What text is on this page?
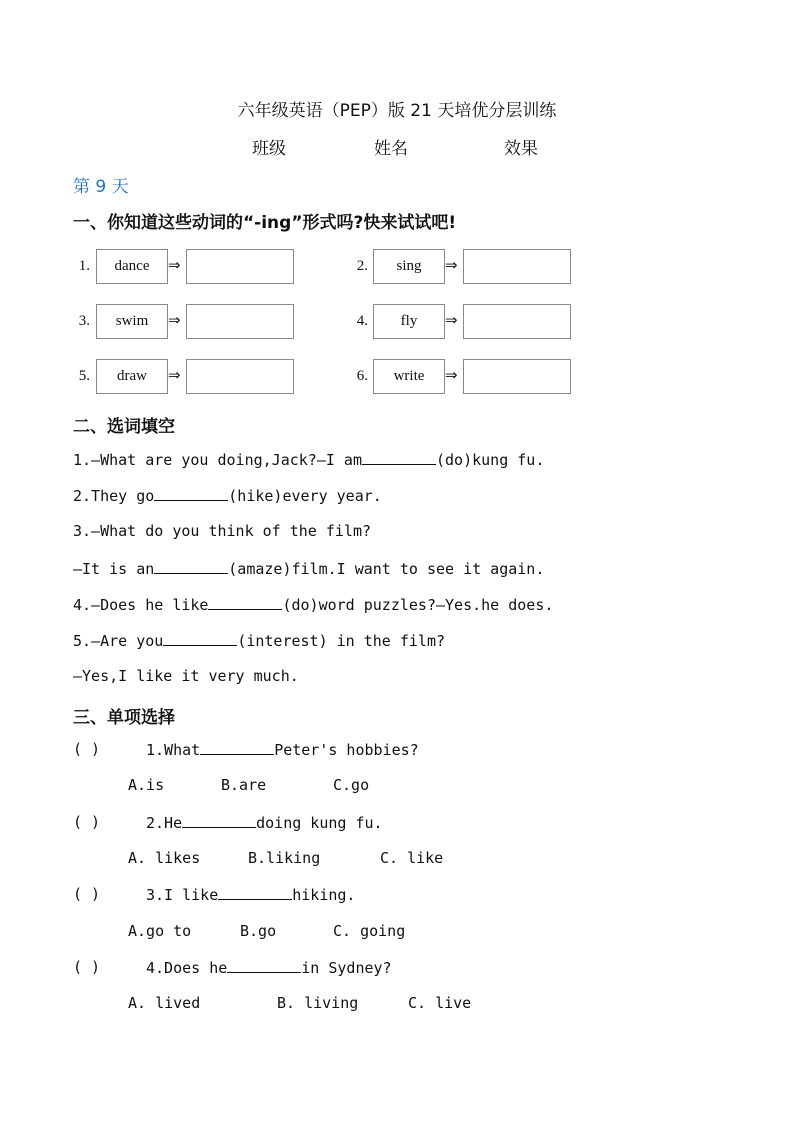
六年级英语（PEP）版 21 天培优分层训练
班级	姓名	效果
第 9 天
一、你知道这些动词的“-ing”形式吗?快来试试吧!
1.	dance	⇒	2.	sing	⇒
3.	swim	⇒	4.	fly	⇒
5.	draw	⇒	6.	write	⇒
二、选词填空
1.—What are you doing,Jack?—I am	(do)kung fu.
2.They go	(hike)every year.
3.—What do you think of the film?
—It is an	(amaze)film.I want to see it again.
4.—Does he like	(do)word puzzles?—Yes.he does.
5.—Are you	(interest) in the film?
—Yes,I like it very much.
三、单项选择
( )	1.What	Peter's hobbies?
A.is	B.are	C.go
( )	2.He	doing kung fu.
A. likes	B.liking	C. like
( )	3.I like	hiking.
A.go to	B.go	C. going
( )	4.Does he	in Sydney?
A. lived	B. living	C. live
